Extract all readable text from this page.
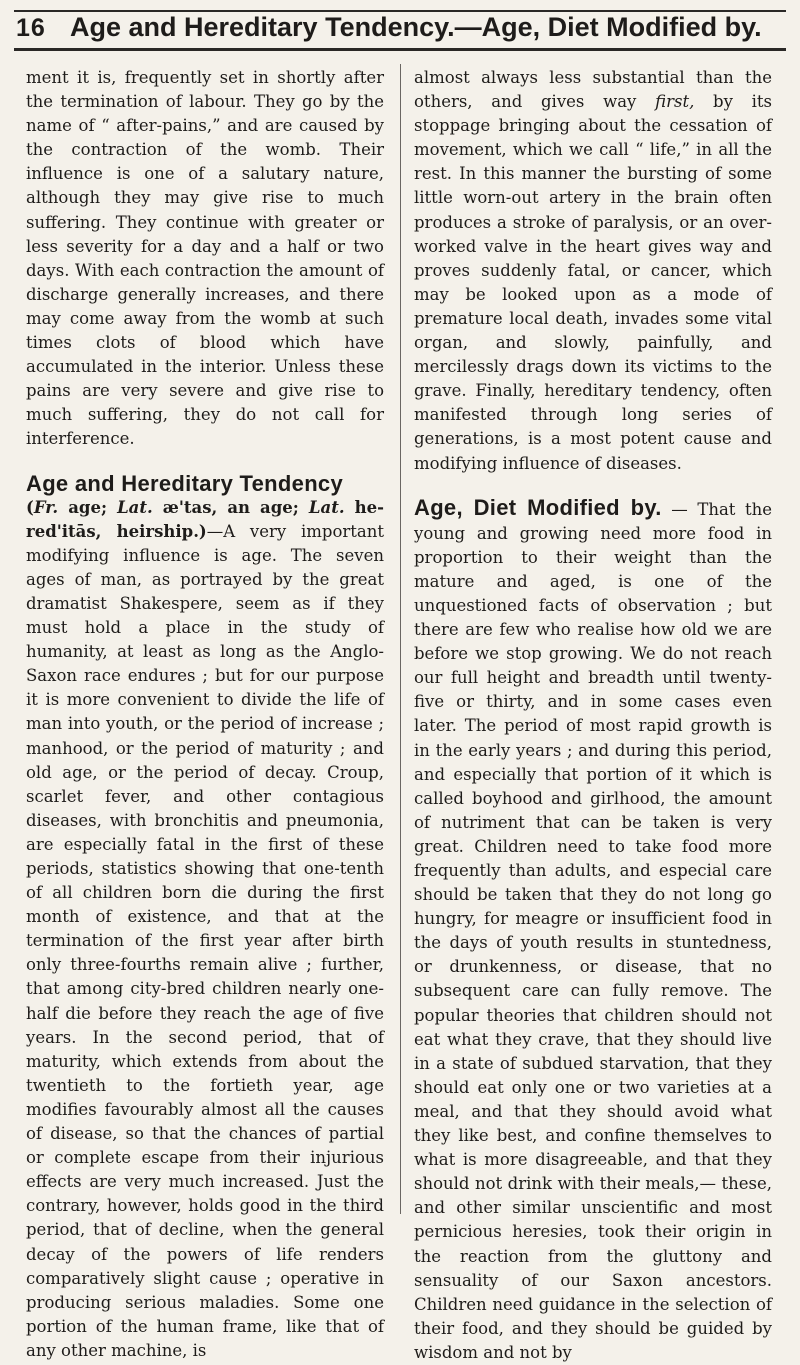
16 Age and Hereditary Tendency.—Age, Diet Modified by.

ment it is, frequently set in shortly after the termination of labour. They go by the name of “ after-pains,” and are caused by the contraction of the womb. Their influence is one of a salutary nature, although they may give rise to much suffering. They continue with greater or less severity for a day and a half or two days. With each contraction the amount of discharge generally increases, and there may come away from the womb at such times clots of blood which have accumulated in the interior. Unless these pains are very severe and give rise to much suffering, they do not call for interference.

Age and Hereditary Tendency

(Fr. age; Lat. æ'tas, an age; Lat. he-red'itās, heirship.)—A very important modifying influence is age. The seven ages of man, as portrayed by the great dramatist Shakespere, seem as if they must hold a place in the study of humanity, at least as long as the Anglo-Saxon race endures ; but for our purpose it is more convenient to divide the life of man into youth, or the period of increase ; manhood, or the period of maturity ; and old age, or the period of decay. Croup, scarlet fever, and other contagious diseases, with bronchitis and pneumonia, are especially fatal in the first of these periods, statistics showing that one-tenth of all children born die during the first month of existence, and that at the termination of the first year after birth only three-fourths remain alive ; further, that among city-bred children nearly one-half die before they reach the age of five years. In the second period, that of maturity, which extends from about the twentieth to the fortieth year, age modifies favourably almost all the causes of disease, so that the chances of partial or complete escape from their injurious effects are very much increased. Just the contrary, however, holds good in the third period, that of decline, when the general decay of the powers of life renders comparatively slight cause ; operative in producing serious maladies. Some one portion of the human frame, like that of any other machine, is

almost always less substantial than the others, and gives way first, by its stoppage bringing about the cessation of movement, which we call “ life,” in all the rest. In this manner the bursting of some little worn-out artery in the brain often produces a stroke of paralysis, or an over-worked valve in the heart gives way and proves suddenly fatal, or cancer, which may be looked upon as a mode of premature local death, invades some vital organ, and slowly, painfully, and mercilessly drags down its victims to the grave. Finally, hereditary tendency, often manifested through long series of generations, is a most potent cause and modifying influence of diseases.

Age, Diet Modified by. — That the young and growing need more food in proportion to their weight than the mature and aged, is one of the unquestioned facts of observation ; but there are few who realise how old we are before we stop growing. We do not reach our full height and breadth until twenty-five or thirty, and in some cases even later. The period of most rapid growth is in the early years ; and during this period, and especially that portion of it which is called boyhood and girlhood, the amount of nutriment that can be taken is very great. Children need to take food more frequently than adults, and especial care should be taken that they do not long go hungry, for meagre or insufficient food in the days of youth results in stuntedness, or drunkenness, or disease, that no subsequent care can fully remove. The popular theories that children should not eat what they crave, that they should live in a state of subdued starvation, that they should eat only one or two varieties at a meal, and that they should avoid what they like best, and confine themselves to what is more disagreeable, and that they should not drink with their meals,— these, and other similar unscientific and most pernicious heresies, took their origin in the reaction from the gluttony and sensuality of our Saxon ancestors. Children need guidance in the selection of their food, and they should be guided by wisdom and not by
